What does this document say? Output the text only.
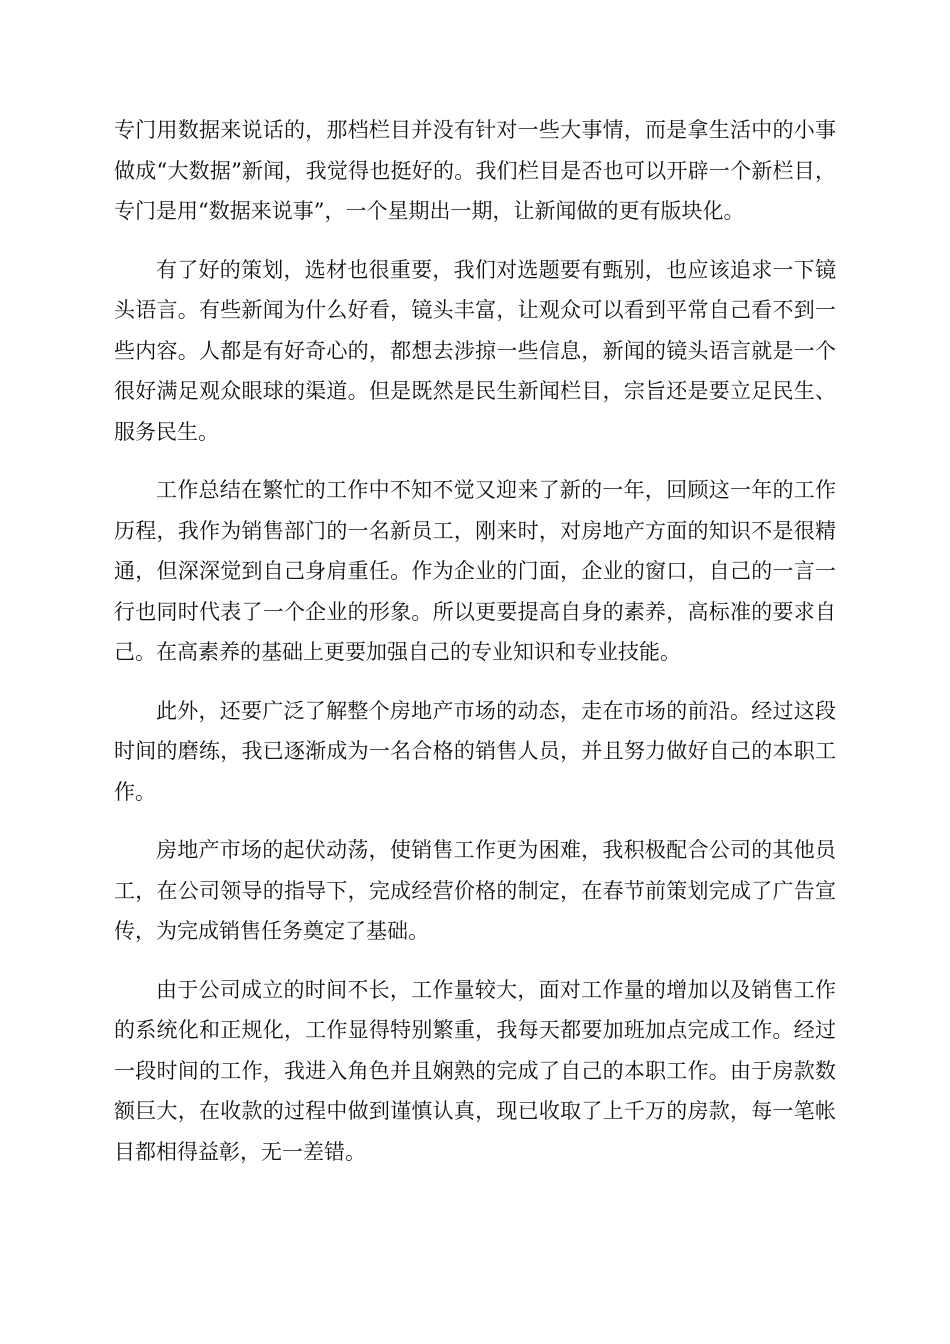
专门用数据来说话的，那档栏目并没有针对一些大事情，而是拿生活中的小事做成“大数据”新闻，我觉得也挺好的。我们栏目是否也可以开辟一个新栏目，专门是用“数据来说事”，一个星期出一期，让新闻做的更有版块化。

有了好的策划，选材也很重要，我们对选题要有甄别，也应该追求一下镜头语言。有些新闻为什么好看，镜头丰富，让观众可以看到平常自己看不到一些内容。人都是有好奇心的，都想去涉掠一些信息，新闻的镜头语言就是一个很好满足观众眼球的渠道。但是既然是民生新闻栏目，宗旨还是要立足民生、服务民生。

工作总结在繁忙的工作中不知不觉又迎来了新的一年，回顾这一年的工作历程，我作为销售部门的一名新员工，刚来时，对房地产方面的知识不是很精通，但深深觉到自己身肩重任。作为企业的门面，企业的窗口，自己的一言一行也同时代表了一个企业的形象。所以更要提高自身的素养，高标准的要求自己。在高素养的基础上更要加强自己的专业知识和专业技能。

此外，还要广泛了解整个房地产市场的动态，走在市场的前沿。经过这段时间的磨练，我已逐渐成为一名合格的销售人员，并且努力做好自己的本职工作。

房地产市场的起伏动荡，使销售工作更为困难，我积极配合公司的其他员工，在公司领导的指导下，完成经营价格的制定，在春节前策划完成了广告宣传，为完成销售任务奠定了基础。

由于公司成立的时间不长，工作量较大，面对工作量的增加以及销售工作的系统化和正规化，工作显得特别繁重，我每天都要加班加点完成工作。经过一段时间的工作，我进入角色并且娴熟的完成了自己的本职工作。由于房款数额巨大，在收款的过程中做到谨慎认真，现已收取了上千万的房款，每一笔帐目都相得益彰，无一差错。
